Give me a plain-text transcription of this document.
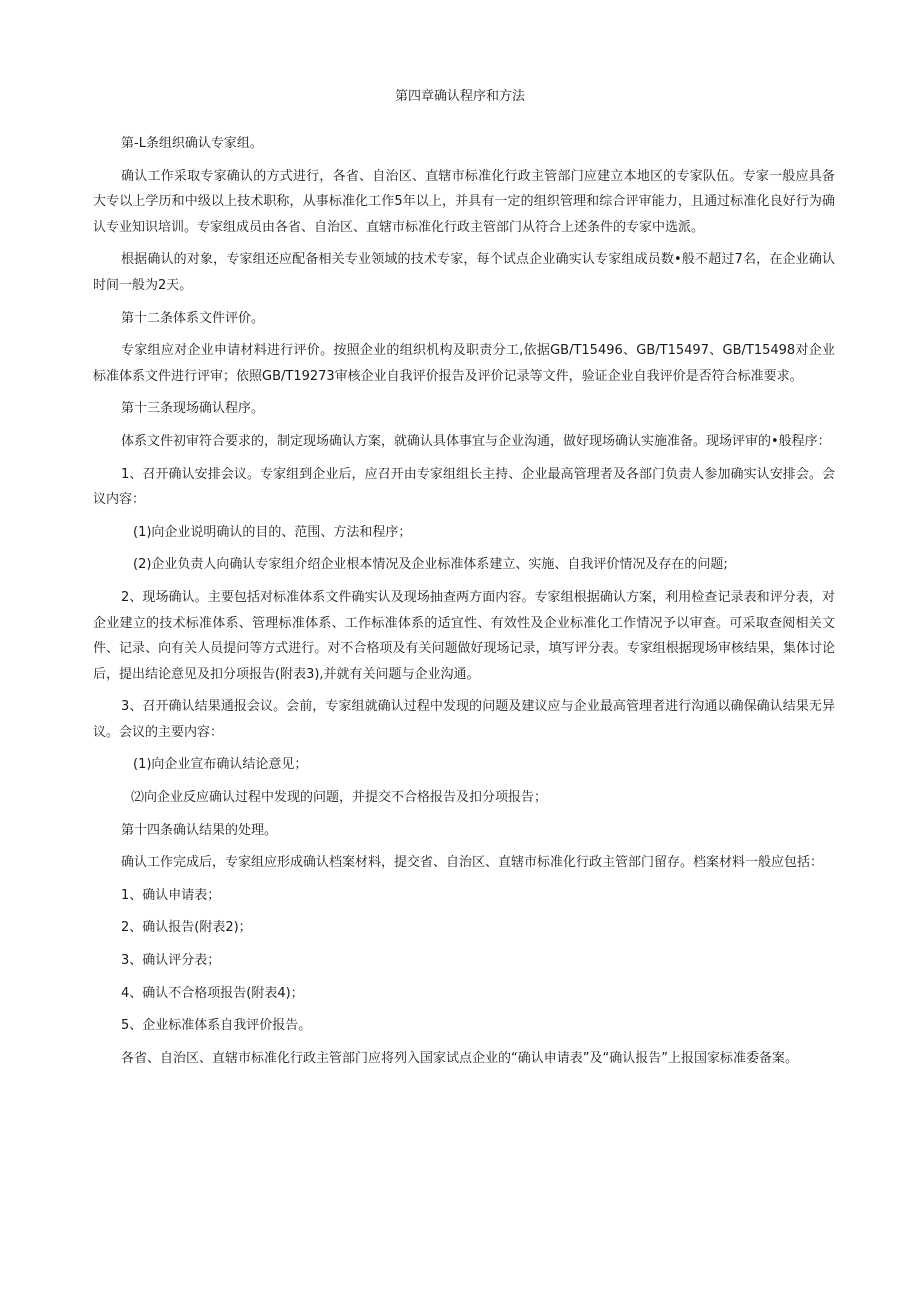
第四章确认程序和方法

第-L条组织确认专家组。

确认工作采取专家确认的方式进行，各省、自治区、直辖市标准化行政主管部门应建立本地区的专家队伍。专家一般应具备大专以上学历和中级以上技术职称，从事标准化工作5年以上，并具有一定的组织管理和综合评审能力，且通过标准化良好行为确认专业知识培训。专家组成员由各省、自治区、直辖市标准化行政主管部门从符合上述条件的专家中选派。

根据确认的对象，专家组还应配备相关专业领域的技术专家，每个试点企业确实认专家组成员数•般不超过7名，在企业确认时间一般为2天。

第十二条体系文件评价。

专家组应对企业申请材料进行评价。按照企业的组织机构及职责分工,依据GB/T15496、GB/T15497、GB/T15498对企业标准体系文件进行评审；依照GB/T19273审核企业自我评价报告及评价记录等文件，验证企业自我评价是否符合标准要求。

第十三条现场确认程序。

体系文件初审符合要求的，制定现场确认方案，就确认具体事宜与企业沟通，做好现场确认实施准备。现场评审的•般程序：

1、召开确认安排会议。专家组到企业后，应召开由专家组组长主持、企业最高管理者及各部门负责人参加确实认安排会。会议内容：

(1)向企业说明确认的目的、范围、方法和程序；

(2)企业负责人向确认专家组介绍企业根本情况及企业标准体系建立、实施、自我评价情况及存在的问题;

2、现场确认。主要包括对标准体系文件确实认及现场抽查两方面内容。专家组根据确认方案，利用检查记录表和评分表，对企业建立的技术标准体系、管理标准体系、工作标准体系的适宜性、有效性及企业标准化工作情况予以审查。可采取查阅相关文件、记录、向有关人员提问等方式进行。对不合格项及有关问题做好现场记录，填写评分表。专家组根据现场审核结果，集体讨论后，提出结论意见及扣分项报告(附表3),并就有关问题与企业沟通。

3、召开确认结果通报会议。会前，专家组就确认过程中发现的问题及建议应与企业最高管理者进行沟通以确保确认结果无异议。会议的主要内容：

(1)向企业宣布确认结论意见；

⑵向企业反应确认过程中发现的问题，并提交不合格报告及扣分项报告；

第十四条确认结果的处理。

确认工作完成后，专家组应形成确认档案材料，提交省、自治区、直辖市标准化行政主管部门留存。档案材料一般应包括：

1、确认申请表；

2、确认报告(附表2)；

3、确认评分表；

4、确认不合格项报告(附表4)；

5、企业标准体系自我评价报告。

各省、自治区、直辖市标准化行政主管部门应将列入国家试点企业的“确认申请表”及“确认报告”上报国家标准委备案。
